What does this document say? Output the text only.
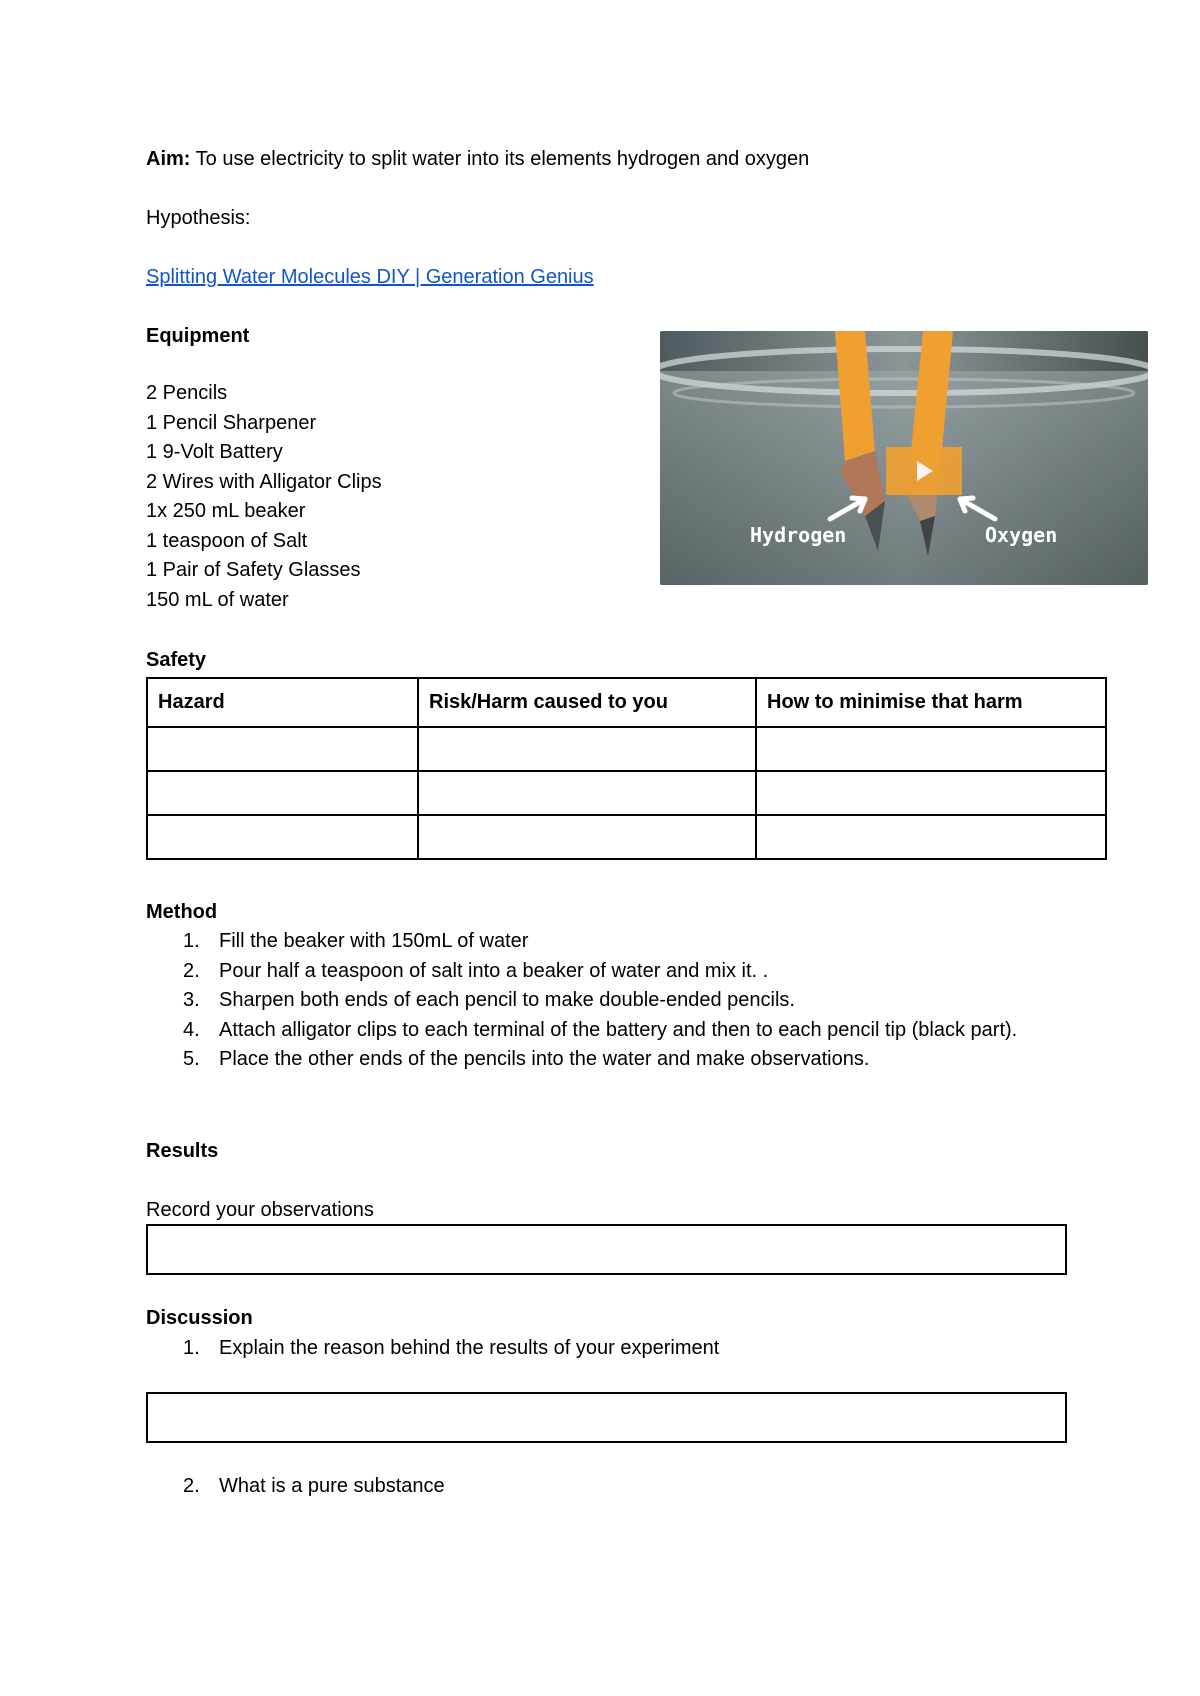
Aim: To use electricity to split water into its elements hydrogen and oxygen
Hypothesis:
Splitting Water Molecules DIY | Generation Genius
Equipment
2 Pencils
1 Pencil Sharpener
1 9-Volt Battery
2 Wires with Alligator Clips
1x 250 mL beaker
1 teaspoon of Salt
1 Pair of Safety Glasses
150 mL of water
Hydrogen	Oxygen
Safety
Hazard	Risk/Harm caused to you	How to minimise that harm

Method
1. Fill the beaker with 150mL of water
2. Pour half a teaspoon of salt into a beaker of water and mix it. .
3. Sharpen both ends of each pencil to make double-ended pencils.
4. Attach alligator clips to each terminal of the battery and then to each pencil tip (black part).
5. Place the other ends of the pencils into the water and make observations.
Results
Record your observations
Discussion
1. Explain the reason behind the results of your experiment
2. What is a pure substance
